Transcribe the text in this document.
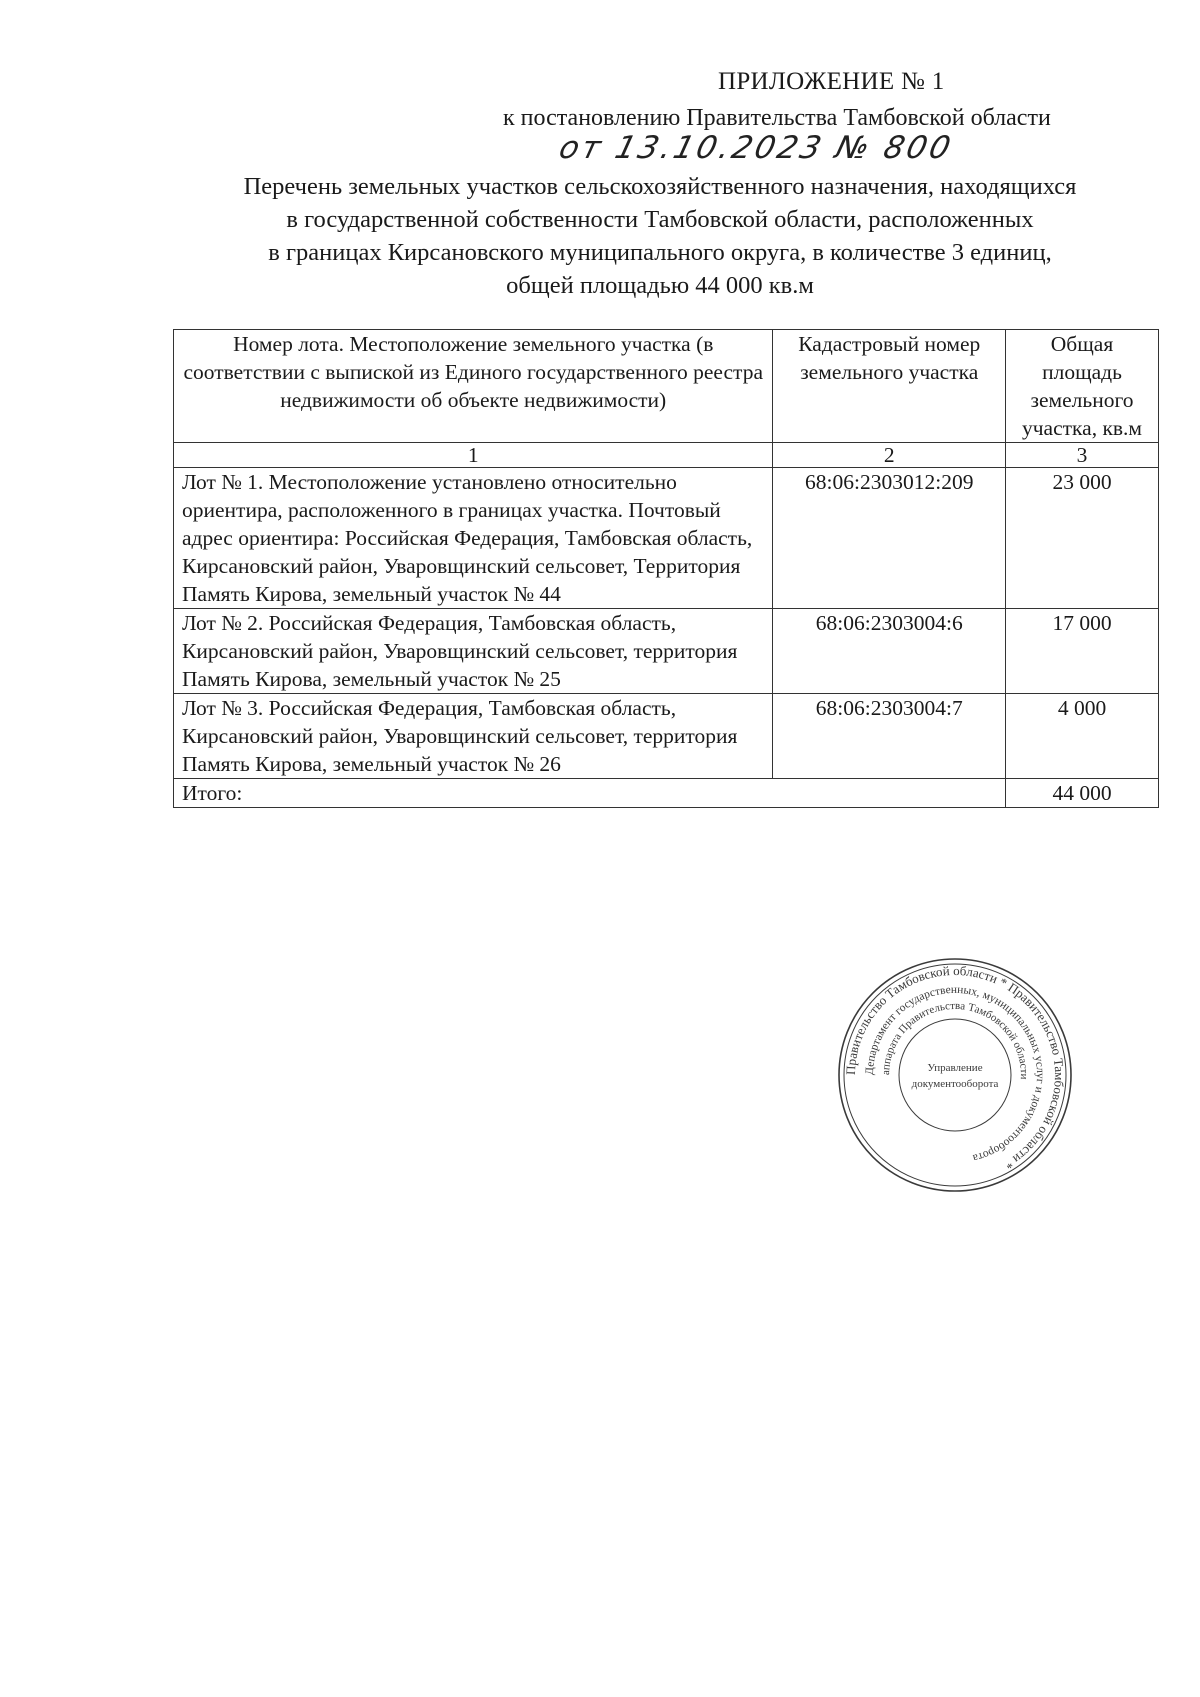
ПРИЛОЖЕНИЕ № 1

к постановлению Правительства Тамбовской области

от 13.10.2023 № 800

Перечень земельных участков сельскохозяйственного назначения, находящихся
в государственной собственности Тамбовской области, расположенных
в границах Кирсановского муниципального округа, в количестве 3 единиц,
общей площадью 44 000 кв.м
Номер лота. Местоположение земельного участка (в соответствии с выпиской из Единого государственного реестра недвижимости об объекте недвижимости)	Кадастровый номер земельного участка	Общая площадь земельного участка, кв.м
1	2	3
Лот № 1. Местоположение установлено относительно ориентира, расположенного в границах участка. Почтовый адрес ориентира: Российская Федерация, Тамбовская область, Кирсановский район, Уваровщинский сельсовет, Территория Память Кирова, земельный участок № 44	68:06:2303012:209	23 000
Лот № 2. Российская Федерация, Тамбовская область, Кирсановский район, Уваровщинский сельсовет, территория Память Кирова, земельный участок № 25	68:06:2303004:6	17 000
Лот № 3. Российская Федерация, Тамбовская область, Кирсановский район, Уваровщинский сельсовет, территория Память Кирова, земельный участок № 26	68:06:2303004:7	4 000
Итого:		44 000
Правительство Тамбовской области * Правительство Тамбовской области *
Департамент государственных, муниципальных услуг и документооборота
аппарата Правительства Тамбовской области
Управление
документооборота
